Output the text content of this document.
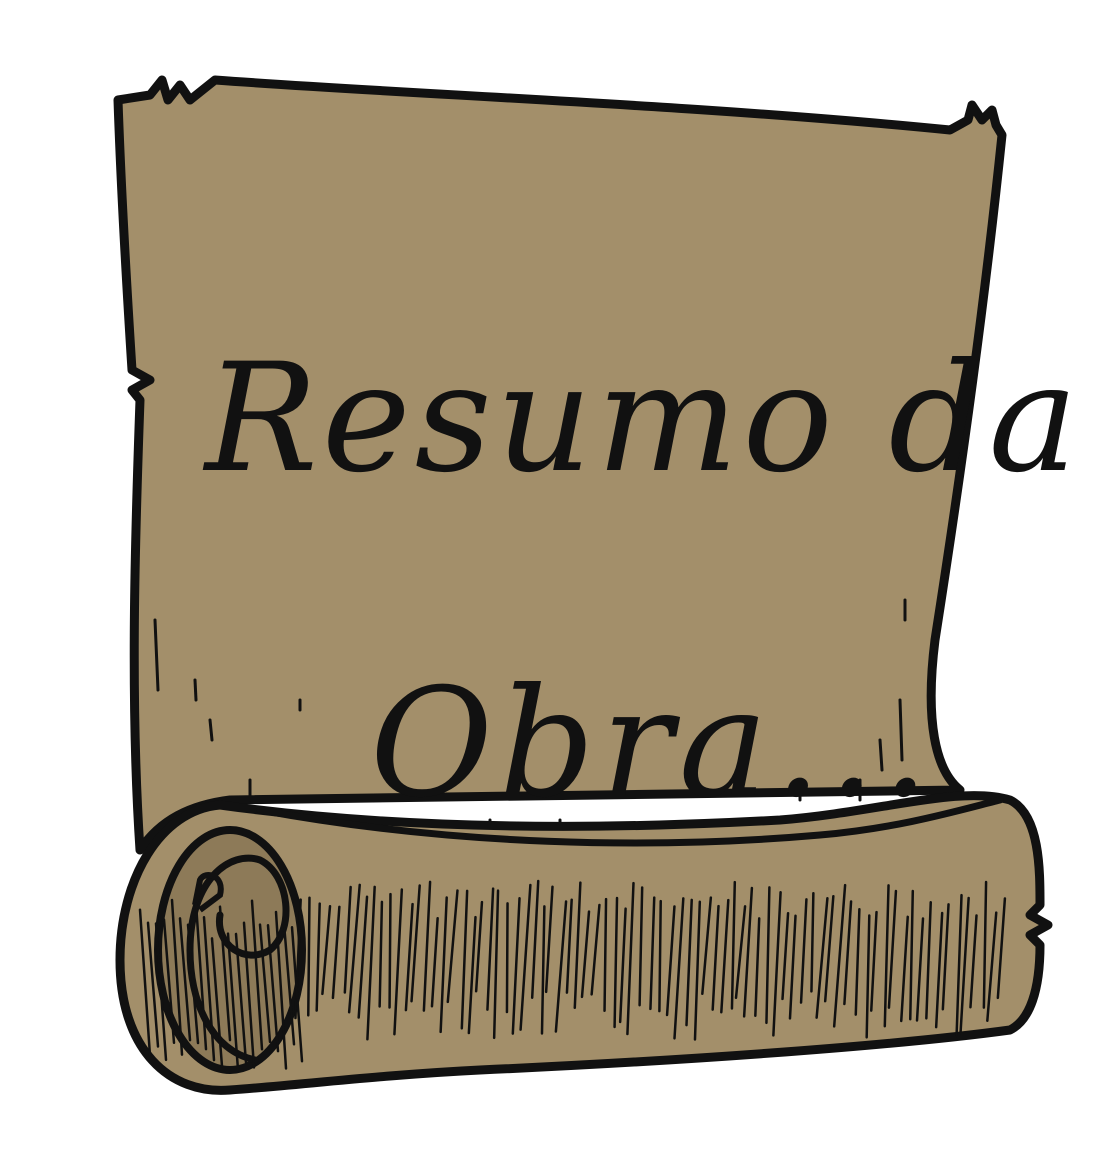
Resumo da
Obra...
